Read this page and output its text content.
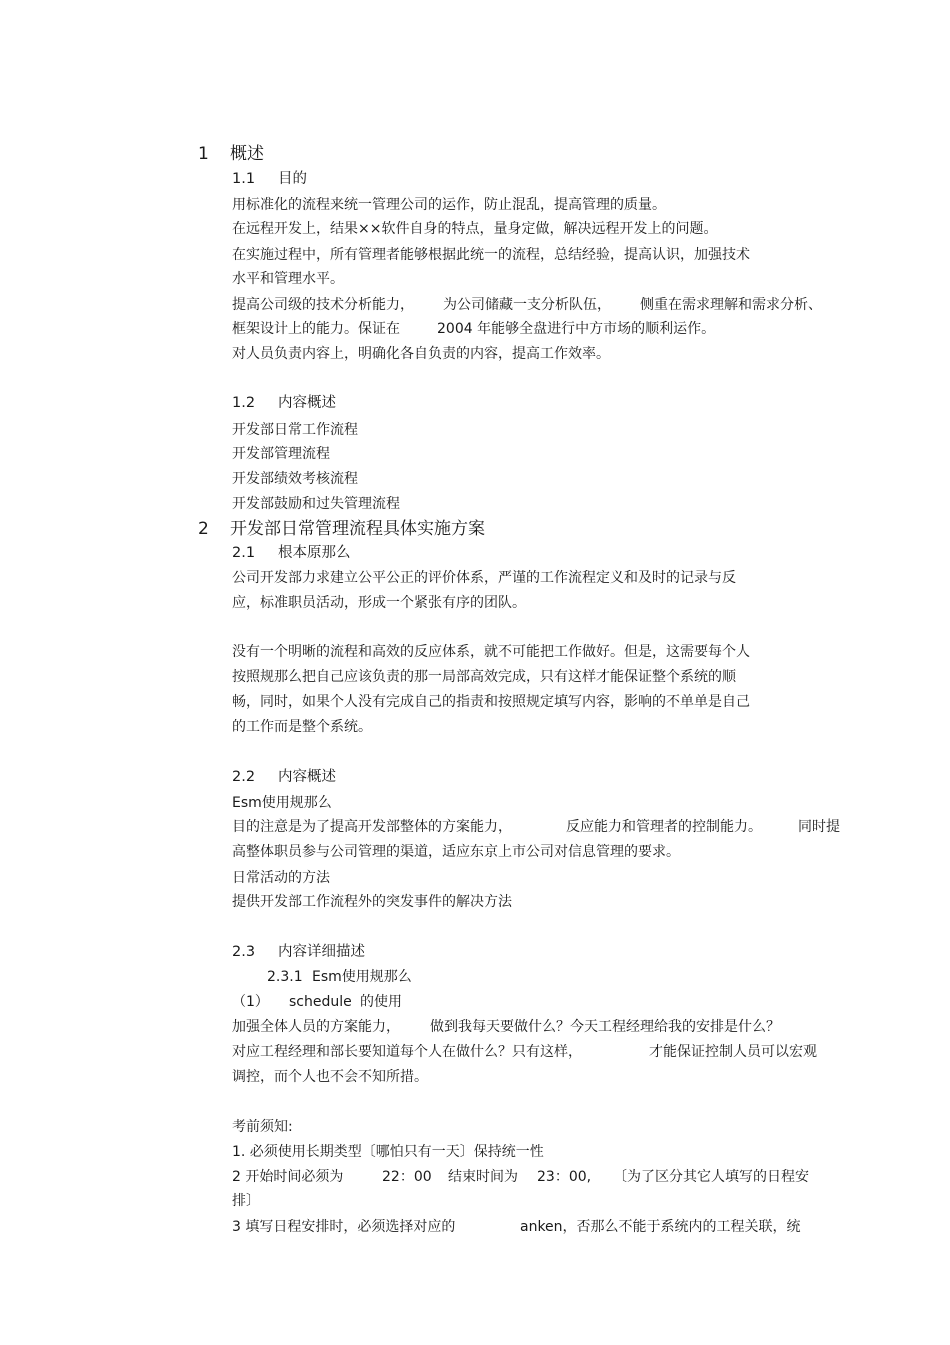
1 概述
1.1 目的
用标准化的流程来统一管理公司的运作，防止混乱，提高管理的质量。
在远程开发上，结果××软件自身的特点，量身定做，解决远程开发上的问题。
在实施过程中，所有管理者能够根据此统一的流程，总结经验，提高认识，加强技术
水平和管理水平。
提高公司级的技术分析能力， 为公司储藏一支分析队伍， 侧重在需求理解和需求分析、
框架设计上的能力。保证在	2004 年能够全盘进行中方市场的顺利运作。
对人员负责内容上，明确化各自负责的内容，提高工作效率。
1.2 内容概述
开发部日常工作流程
开发部管理流程
开发部绩效考核流程
开发部鼓励和过失管理流程
2 开发部日常管理流程具体实施方案
2.1 根本原那么
公司开发部力求建立公平公正的评价体系，严谨的工作流程定义和及时的记录与反
应，标准职员活动，形成一个紧张有序的团队。
没有一个明晰的流程和高效的反应体系，就不可能把工作做好。但是，这需要每个人
按照规那么把自己应该负责的那一局部高效完成，只有这样才能保证整个系统的顺
畅，同时，如果个人没有完成自己的指责和按照规定填写内容，影响的不单单是自己
的工作而是整个系统。
2.2 内容概述
Esm使用规那么
目的注意是为了提高开发部整体的方案能力，	反应能力和管理者的控制能力。	同时提
高整体职员参与公司管理的渠道，适应东京上市公司对信息管理的要求。
日常活动的方法
提供开发部工作流程外的突发事件的解决方法
2.3 内容详细描述
2.3.1 Esm使用规那么
（1） schedule 的使用
加强全体人员的方案能力， 做到我每天要做什么？今天工程经理给我的安排是什么？
对应工程经理和部长要知道每个人在做什么？只有这样，	才能保证控制人员可以宏观
调控，而个人也不会不知所措。
考前须知:
1. 必须使用长期类型〔哪怕只有一天〕保持统一性
2 开始时间必须为	22：00 结束时间为 23：00, 〔为了区分其它人填写的日程安
排〕
3 填写日程安排时，必须选择对应的	anken，否那么不能于系统内的工程关联，统
